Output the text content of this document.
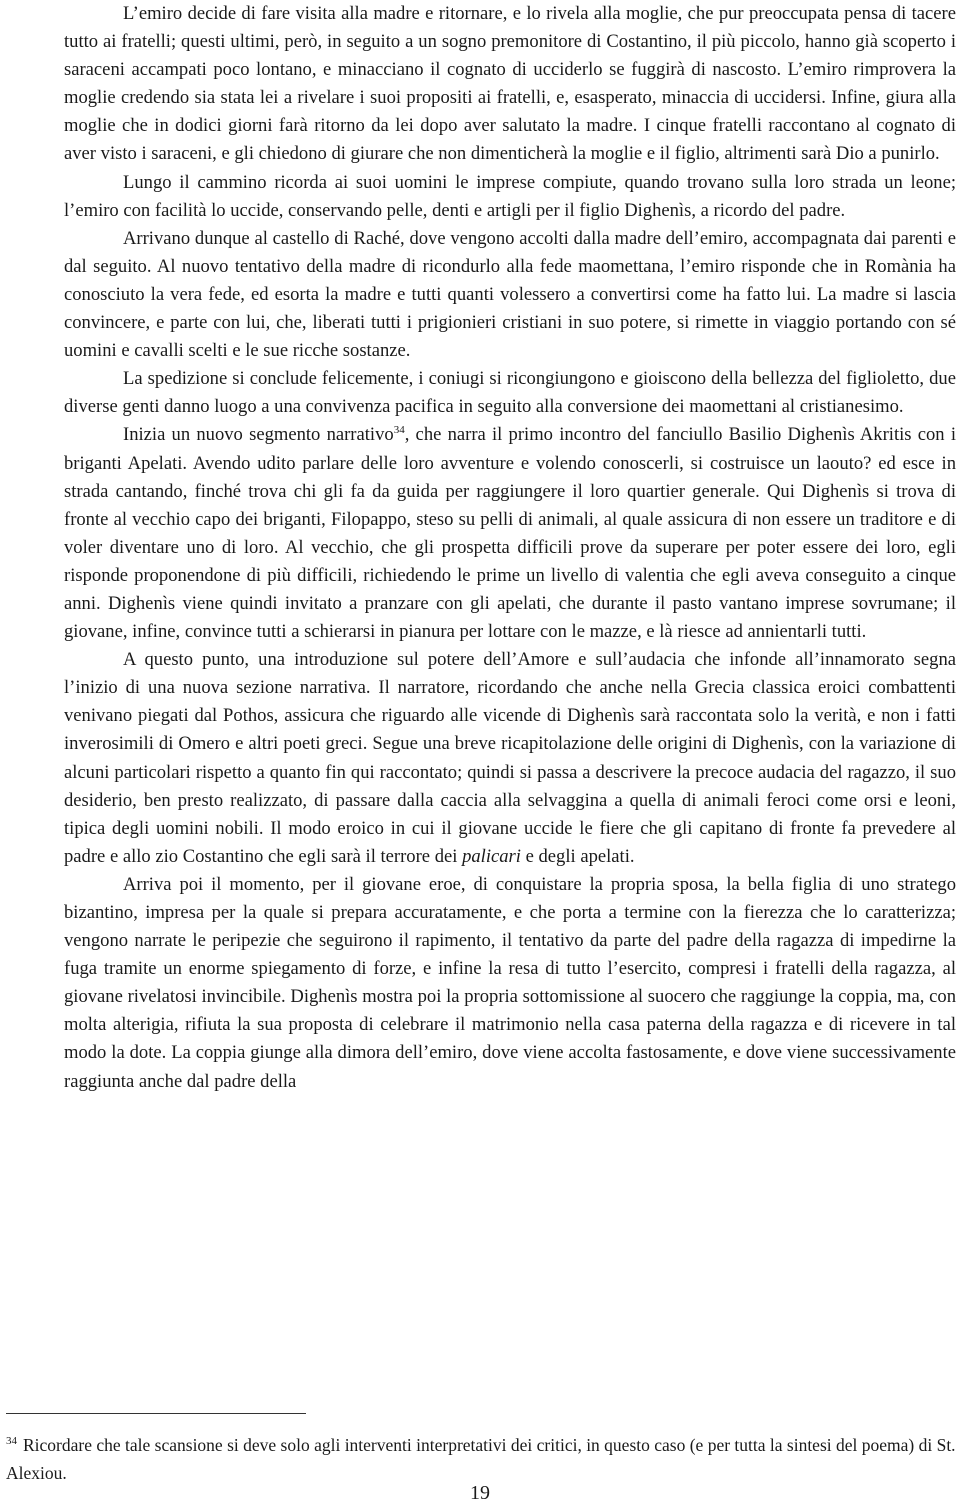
L’emiro decide di fare visita alla madre e ritornare, e lo rivela alla moglie, che pur preoccupata pensa di tacere tutto ai fratelli; questi ultimi, però, in seguito a un sogno premonitore di Costantino, il più piccolo, hanno già scoperto i saraceni accampati poco lontano, e minacciano il cognato di ucciderlo se fuggirà di nascosto. L’emiro rimprovera la moglie credendo sia stata lei a rivelare i suoi propositi ai fratelli, e, esasperato, minaccia di uccidersi. Infine, giura alla moglie che in dodici giorni farà ritorno da lei dopo aver salutato la madre. I cinque fratelli raccontano al cognato di aver visto i saraceni, e gli chiedono di giurare che non dimenticherà la moglie e il figlio, altrimenti sarà Dio a punirlo.

Lungo il cammino ricorda ai suoi uomini le imprese compiute, quando trovano sulla loro strada un leone; l’emiro con facilità lo uccide, conservando pelle, denti e artigli per il figlio Dighenìs, a ricordo del padre.

Arrivano dunque al castello di Raché, dove vengono accolti dalla madre dell’emiro, accompagnata dai parenti e dal seguito. Al nuovo tentativo della madre di ricondurlo alla fede maomettana, l’emiro risponde che in Romània ha conosciuto la vera fede, ed esorta la madre e tutti quanti volessero a convertirsi come ha fatto lui. La madre si lascia convincere, e parte con lui, che, liberati tutti i prigionieri cristiani in suo potere, si rimette in viaggio portando con sé uomini e cavalli scelti e le sue ricche sostanze.

La spedizione si conclude felicemente, i coniugi si ricongiungono e gioiscono della bellezza del figlioletto, due diverse genti danno luogo a una convivenza pacifica in seguito alla conversione dei maomettani al cristianesimo.

Inizia un nuovo segmento narrativo$^{34}$, che narra il primo incontro del fanciullo Basilio Dighenìs Akritis con i briganti Apelati. Avendo udito parlare delle loro avventure e volendo conoscerli, si costruisce un laouto? ed esce in strada cantando, finché trova chi gli fa da guida per raggiungere il loro quartier generale. Qui Dighenìs si trova di fronte al vecchio capo dei briganti, Filopappo, steso su pelli di animali, al quale assicura di non essere un traditore e di voler diventare uno di loro. Al vecchio, che gli prospetta difficili prove da superare per poter essere dei loro, egli risponde proponendone di più difficili, richiedendo le prime un livello di valentia che egli aveva conseguito a cinque anni. Dighenìs viene quindi invitato a pranzare con gli apelati, che durante il pasto vantano imprese sovrumane; il giovane, infine, convince tutti a schierarsi in pianura per lottare con le mazze, e là riesce ad annientarli tutti.

A questo punto, una introduzione sul potere dell’Amore e sull’audacia che infonde all’innamorato segna l’inizio di una nuova sezione narrativa. Il narratore, ricordando che anche nella Grecia classica eroici combattenti venivano piegati dal Pothos, assicura che riguardo alle vicende di Dighenìs sarà raccontata solo la verità, e non i fatti inverosimili di Omero e altri poeti greci. Segue una breve ricapitolazione delle origini di Dighenìs, con la variazione di alcuni particolari rispetto a quanto fin qui raccontato; quindi si passa a descrivere la precoce audacia del ragazzo, il suo desiderio, ben presto realizzato, di passare dalla caccia alla selvaggina a quella di animali feroci come orsi e leoni, tipica degli uomini nobili. Il modo eroico in cui il giovane uccide le fiere che gli capitano di fronte fa prevedere al padre e allo zio Costantino che egli sarà il terrore dei palicari e degli apelati.

Arriva poi il momento, per il giovane eroe, di conquistare la propria sposa, la bella figlia di uno stratego bizantino, impresa per la quale si prepara accuratamente, e che porta a termine con la fierezza che lo caratterizza; vengono narrate le peripezie che seguirono il rapimento, il tentativo da parte del padre della ragazza di impedirne la fuga tramite un enorme spiegamento di forze, e infine la resa di tutto l’esercito, compresi i fratelli della ragazza, al giovane rivelatosi invincibile. Dighenìs mostra poi la propria sottomissione al suocero che raggiunge la coppia, ma, con molta alterigia, rifiuta la sua proposta di celebrare il matrimonio nella casa paterna della ragazza e di ricevere in tal modo la dote. La coppia giunge alla dimora dell’emiro, dove viene accolta fastosamente, e dove viene successivamente raggiunta anche dal padre della

$^{34}$ Ricordare che tale scansione si deve solo agli interventi interpretativi dei critici, in questo caso (e per tutta la sintesi del poema) di St. Alexiou.

19
